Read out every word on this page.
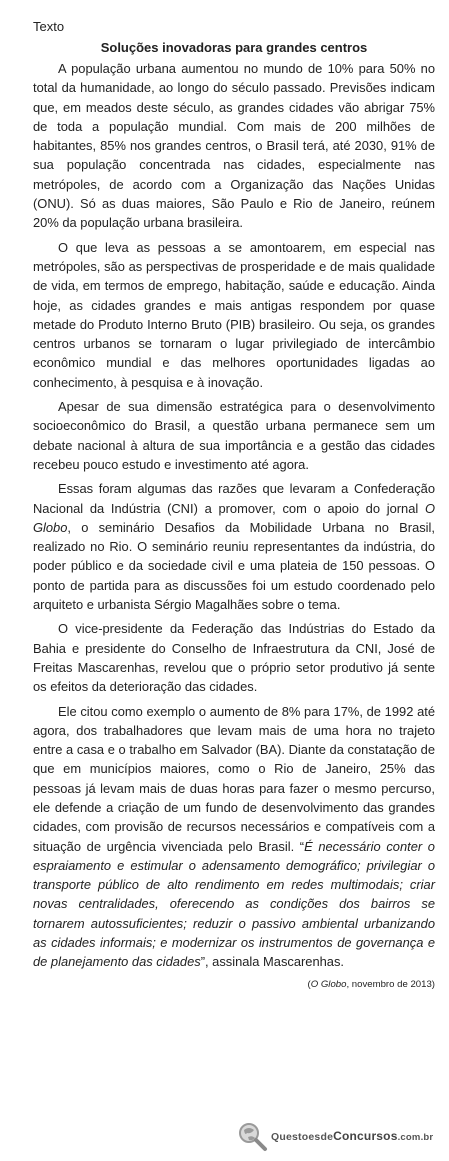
Texto
Soluções inovadoras para grandes centros

A população urbana aumentou no mundo de 10% para 50% no total da humanidade, ao longo do século passado. Previsões indicam que, em meados deste século, as grandes cidades vão abrigar 75% de toda a população mundial. Com mais de 200 milhões de habitantes, 85% nos grandes centros, o Brasil terá, até 2030, 91% de sua população concentrada nas cidades, especialmente nas metrópoles, de acordo com a Organização das Nações Unidas (ONU). Só as duas maiores, São Paulo e Rio de Janeiro, reúnem 20% da população urbana brasileira.

O que leva as pessoas a se amontoarem, em especial nas metrópoles, são as perspectivas de prosperidade e de mais qualidade de vida, em termos de emprego, habitação, saúde e educação. Ainda hoje, as cidades grandes e mais antigas respondem por quase metade do Produto Interno Bruto (PIB) brasileiro. Ou seja, os grandes centros urbanos se tornaram o lugar privilegiado de intercâmbio econômico mundial e das melhores oportunidades ligadas ao conhecimento, à pesquisa e à inovação.

Apesar de sua dimensão estratégica para o desenvolvimento socioeconômico do Brasil, a questão urbana permanece sem um debate nacional à altura de sua importância e a gestão das cidades recebeu pouco estudo e investimento até agora.

Essas foram algumas das razões que levaram a Confederação Nacional da Indústria (CNI) a promover, com o apoio do jornal O Globo, o seminário Desafios da Mobilidade Urbana no Brasil, realizado no Rio. O seminário reuniu representantes da indústria, do poder público e da sociedade civil e uma plateia de 150 pessoas. O ponto de partida para as discussões foi um estudo coordenado pelo arquiteto e urbanista Sérgio Magalhães sobre o tema.

O vice-presidente da Federação das Indústrias do Estado da Bahia e presidente do Conselho de Infraestrutura da CNI, José de Freitas Mascarenhas, revelou que o próprio setor produtivo já sente os efeitos da deterioração das cidades.

Ele citou como exemplo o aumento de 8% para 17%, de 1992 até agora, dos trabalhadores que levam mais de uma hora no trajeto entre a casa e o trabalho em Salvador (BA). Diante da constatação de que em municípios maiores, como o Rio de Janeiro, 25% das pessoas já levam mais de duas horas para fazer o mesmo percurso, ele defende a criação de um fundo de desenvolvimento das grandes cidades, com provisão de recursos necessários e compatíveis com a situação de urgência vivenciada pelo Brasil. “É necessário conter o espraiamento e estimular o adensamento demográfico; privilegiar o transporte público de alto rendimento em redes multimodais; criar novas centralidades, oferecendo as condições dos bairros se tornarem autossuficientes; reduzir o passivo ambiental urbanizando as cidades informais; e modernizar os instrumentos de governança e de planejamento das cidades”, assinala Mascarenhas.

(O Globo, novembro de 2013)

QuestoesdeConcursos.com.br
